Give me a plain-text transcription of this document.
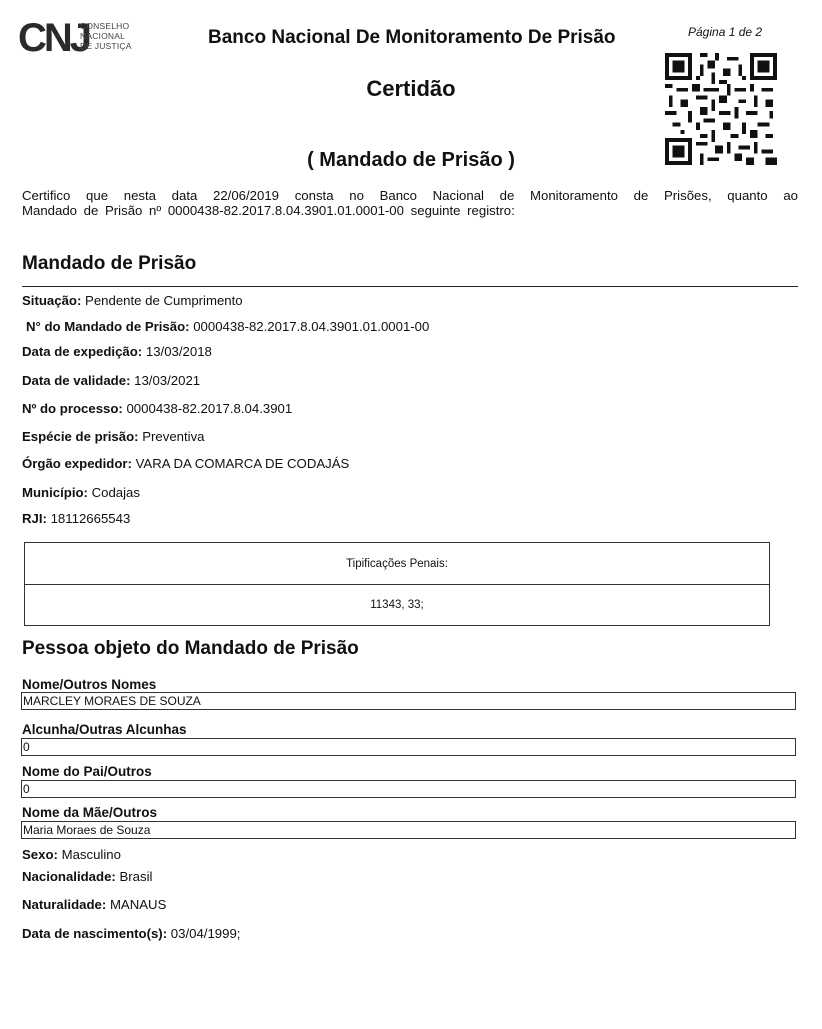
CNJ
CONSELHO
NACIONAL
DE JUSTIÇA	Banco Nacional De Monitoramento De Prisão	Página 1 de 2
Certidão
( Mandado de Prisão )
Certifico que nesta data 22/06/2019 consta no Banco Nacional de Monitoramento de Prisões, quanto ao
Mandado de Prisão nº 0000438-82.2017.8.04.3901.01.0001-00 seguinte registro:
Mandado de Prisão
Situação: Pendente de Cumprimento
N° do Mandado de Prisão: 0000438-82.2017.8.04.3901.01.0001-00
Data de expedição: 13/03/2018
Data de validade: 13/03/2021
Nº do processo: 0000438-82.2017.8.04.3901
Espécie de prisão: Preventiva
Órgão expedidor: VARA DA COMARCA DE CODAJÁS
Município: Codajas
RJI: 18112665543
Tipificações Penais:
11343, 33;
Pessoa objeto do Mandado de Prisão
Nome/Outros Nomes
MARCLEY MORAES DE SOUZA
Alcunha/Outras Alcunhas
0
Nome do Pai/Outros
0
Nome da Mãe/Outros
Maria Moraes de Souza
Sexo: Masculino
Nacionalidade: Brasil
Naturalidade: MANAUS
Data de nascimento(s): 03/04/1999;
